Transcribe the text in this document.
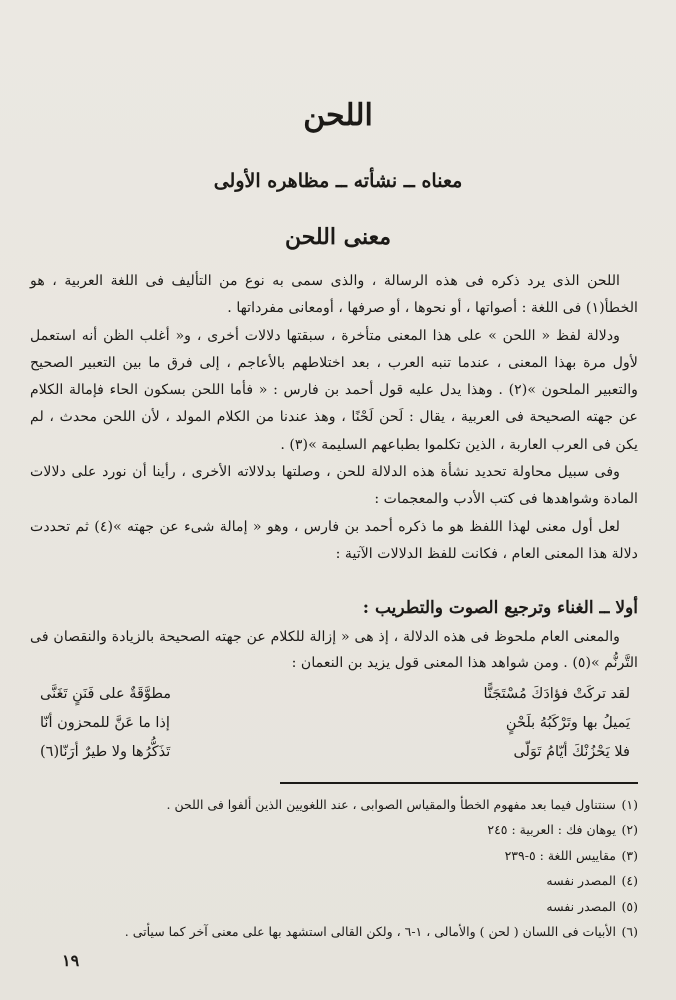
اللحن
معناه ــ نشأته ــ مظاهره الأولى
معنى اللحن

اللحن الذى يرد ذكره فى هذه الرسالة ، والذى سمى به نوع من التأليف فى اللغة العربية ، هو الخطأ(١) فى اللغة : أصواتها ، أو نحوها ، أو صرفها ، أومعانى مفرداتها .

ودلالة لفظ « اللحن » على هذا المعنى متأخرة ، سبقتها دلالات أخرى ، و« أغلب الظن أنه استعمل لأول مرة بهذا المعنى ، عندما تنبه العرب ، بعد اختلاطهم بالأعاجم ، إلى فرق ما بين التعبير الصحيح والتعبير الملحون »(٢) . وهذا يدل عليه قول أحمد بن فارس : « فأما اللحن بسكون الحاء فإمالة الكلام عن جهته الصحيحة فى العربية ، يقال : لَحن لَحْنًا ، وهذ عندنا من الكلام المولد ، لأن اللحن محدث ، لم يكن فى العرب العاربة ، الذين تكلموا بطباعهم السليمة »(٣) .

وفى سبيل محاولة تحديد نشأة هذه الدلالة للحن ، وصلتها بدلالاته الأخرى ، رأينا أن نورد على دلالات المادة وشواهدها فى كتب الأدب والمعجمات :

لعل أول معنى لهذا اللفظ هو ما ذكره أحمد بن فارس ، وهو « إمالة شىء عن جهته »(٤) ثم تحددت دلالة هذا المعنى العام ، فكانت للفظ الدلالات الآتية :

أولا ــ الغناء وترجيع الصوت والتطريب :

والمعنى العام ملحوظ فى هذه الدلالة ، إذ هى « إزالة للكلام عن جهته الصحيحة بالزيادة والنقصان فى التَّرنُّم »(٥) . ومن شواهد هذا المعنى قول يزيد بن النعمان :

لقد تركَتْ فؤادَكَ مُسْتَجَنًّا
مطوَّقَةٌ على فَنَنٍ تَغَنَّى
يَميلُ بها وتَرْكَبُهُ بلَحْنٍ
إذا ما عَنَّ للمحزون أنّا
فلا يَحْزُنْكَ أيّامُ تَوَلّى
تَذَكُّرُها ولا طيرٌ أرَنّا(٦)
(١)
سنتناول فيما بعد مفهوم الخطأ والمقياس الصوابى ، عند اللغويين الذين ألفوا فى اللحن .
(٢)
يوهان فك : العربية : ٢٤٥
(٣)
مقاييس اللغة : ٥-٢٣٩
(٤)
المصدر نفسه
(٥)
المصدر نفسه
(٦)
الأبيات فى اللسان ( لحن ) والأمالى ، ١-٦ ، ولكن القالى استشهد بها على معنى آخر كما سيأتى .
١٩
